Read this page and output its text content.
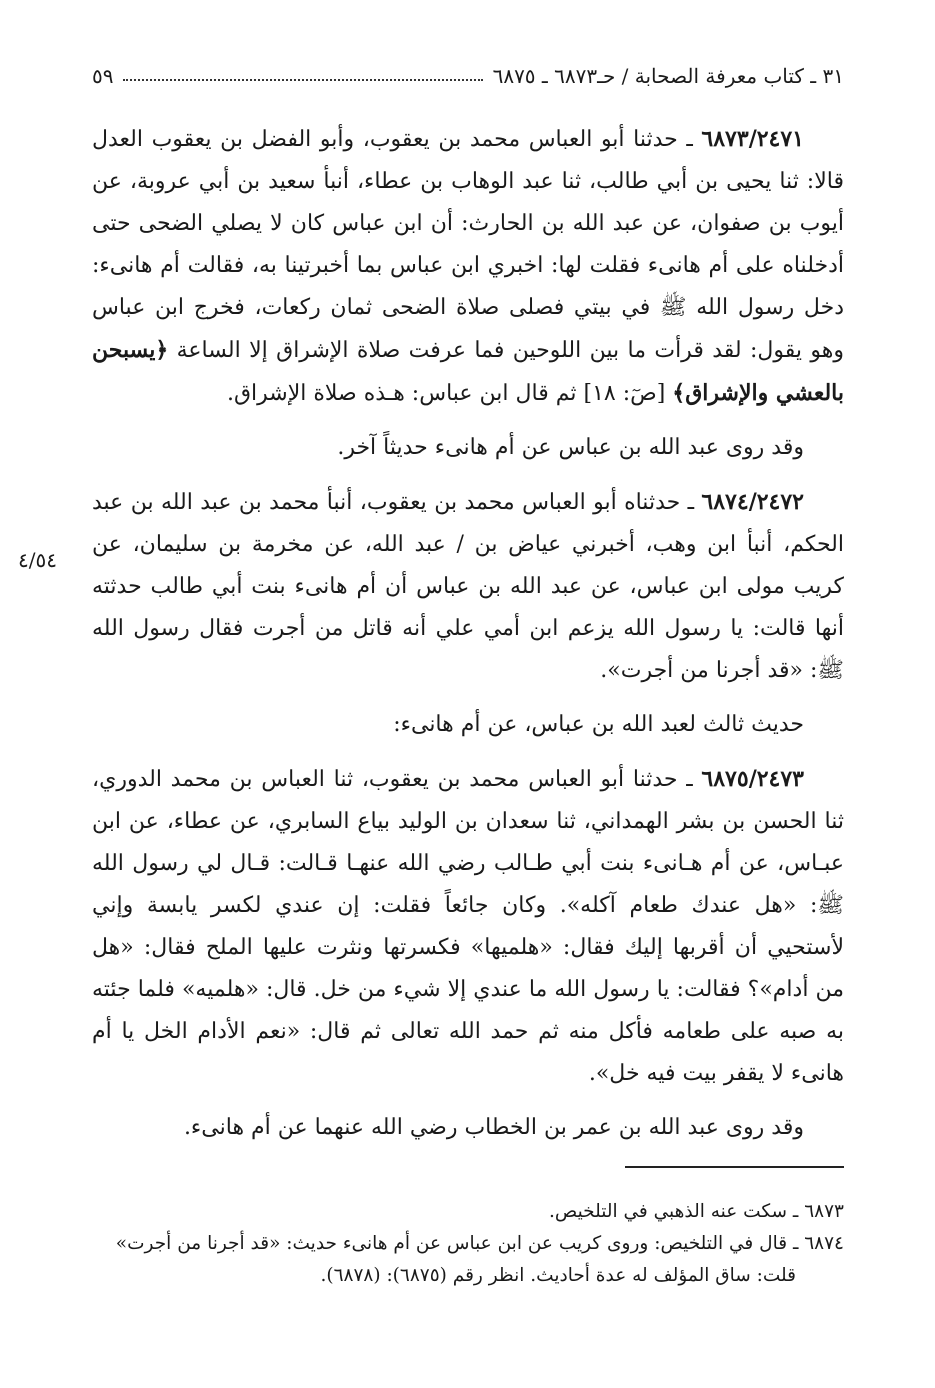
٣١ ـ كتاب معرفة الصحابة / حـ٦٨٧٣ ـ ٦٨٧٥
٥٩

٦٨٧٣/٢٤٧١ ـ حدثنا أبو العباس محمد بن يعقوب، وأبو الفضل بن يعقوب العدل قالا: ثنا يحيى بن أبي طالب، ثنا عبد الوهاب بن عطاء، أنبأ سعيد بن أبي عروبة، عن أيوب بن صفوان، عن عبد الله بن الحارث: أن ابن عباس كان لا يصلي الضحى حتى أدخلناه على أم هانىء فقلت لها: اخبري ابن عباس بما أخبرتينا به، فقالت أم هانىء: دخل رسول الله ﷺ في بيتي فصلى صلاة الضحى ثمان ركعات، فخرج ابن عباس وهو يقول: لقد قرأت ما بين اللوحين فما عرفت صلاة الإشراق إلا الساعة ﴿يسبحن بالعشي والإشراق﴾ [صٓ: ١٨] ثم قال ابن عباس: هـذه صلاة الإشراق.

وقد روى عبد الله بن عباس عن أم هانىء حديثاً آخر.

٦٨٧٤/٢٤٧٢ ـ حدثناه أبو العباس محمد بن يعقوب، أنبأ محمد بن عبد الله بن عبد الحكم، أنبأ ابن وهب، أخبرني عياض بن / عبد الله، عن مخرمة بن سليمان، عن كريب مولى ابن عباس، عن عبد الله بن عباس أن أم هانىء بنت أبي طالب حدثته أنها قالت: يا رسول الله يزعم ابن أمي علي أنه قاتل من أجرت فقال رسول الله ﷺ: «قد أجرنا من أجرت».

حديث ثالث لعبد الله بن عباس، عن أم هانىء:

٦٨٧٥/٢٤٧٣ ـ حدثنا أبو العباس محمد بن يعقوب، ثنا العباس بن محمد الدوري، ثنا الحسن بن بشر الهمداني، ثنا سعدان بن الوليد بياع السابري، عن عطاء، عن ابن عبـاس، عن أم هـانىء بنت أبي طـالب رضي الله عنهـا قـالت: قـال لي رسول الله ﷺ: «هل عندك طعام آكله». وكان جائعاً فقلت: إن عندي لكسر يابسة وإني لأستحيي أن أقربها إليك فقال: «هلميها» فكسرتها ونثرت عليها الملح فقال: «هل من أدام»؟ فقالت: يا رسول الله ما عندي إلا شيء من خل. قال: «هلميه» فلما جئته به صبه على طعامه فأكل منه ثم حمد الله تعالى ثم قال: «نعم الأدام الخل يا أم هانىء لا يقفر بيت فيه خل».

وقد روى عبد الله بن عمر بن الخطاب رضي الله عنهما عن أم هانىء.

٤/٥٤

٦٨٧٣ ـ سكت عنه الذهبي في التلخيص.

٦٨٧٤ ـ قال في التلخيص: وروى كريب عن ابن عباس عن أم هانىء حديث: «قد أجرنا من أجرت»

قلت: ساق المؤلف له عدة أحاديث. انظر رقم (٦٨٧٥): (٦٨٧٨).
